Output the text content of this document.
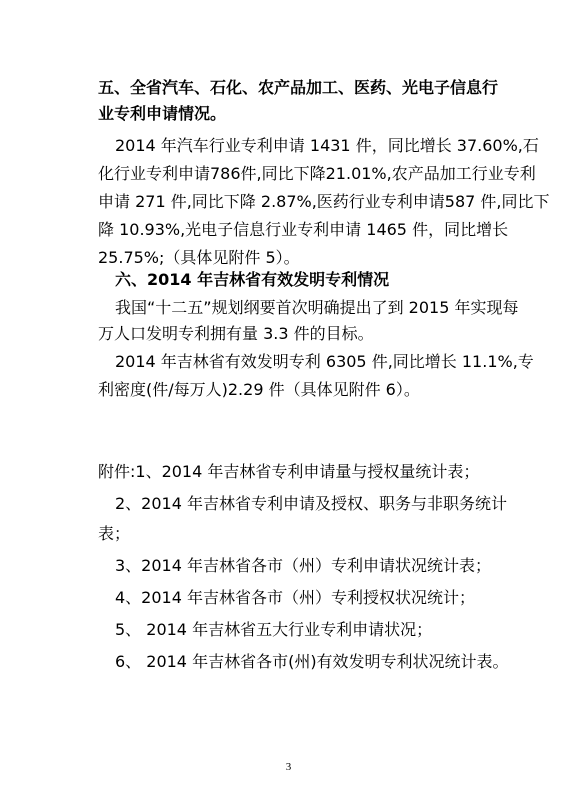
五、全省汽车、石化、农产品加工、医药、光电子信息行
业专利申请情况。
2014 年汽车行业专利申请 1431 件，同比增长 37.60%,石
化行业专利申请786件,同比下降21.01%,农产品加工行业专利
申请 271 件,同比下降 2.87%,医药行业专利申请587 件,同比下
降 10.93%,光电子信息行业专利申请 1465 件，同比增长
25.75%;（具体见附件 5）。
六、2014 年吉林省有效发明专利情况
我国“十二五”规划纲要首次明确提出了到 2015 年实现每
万人口发明专利拥有量 3.3 件的目标。
2014 年吉林省有效发明专利 6305 件,同比增长 11.1%,专
利密度(件/每万人)2.29 件（具体见附件 6）。
附件:1、2014 年吉林省专利申请量与授权量统计表；
2、2014 年吉林省专利申请及授权、职务与非职务统计
表；
3、2014 年吉林省各市（州）专利申请状况统计表；
4、2014 年吉林省各市（州）专利授权状况统计；
5、 2014 年吉林省五大行业专利申请状况；
6、 2014 年吉林省各市(州)有效发明专利状况统计表。
3
